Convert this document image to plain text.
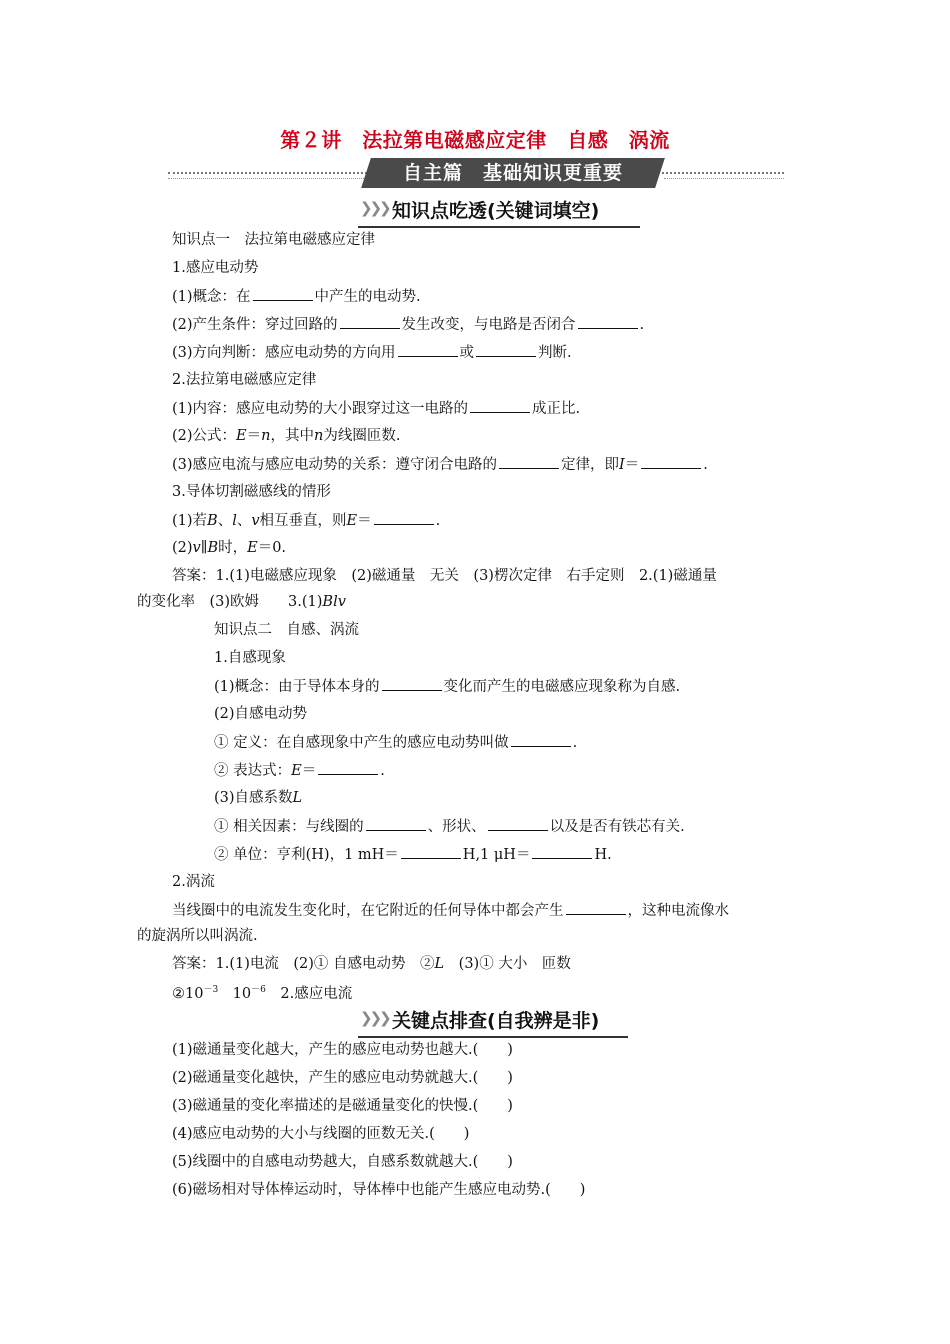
第２讲　法拉第电磁感应定律　自感　涡流
自主篇　基础知识更重要
❯❯❯ 知识点吃透(关键词填空)
知识点一　法拉第电磁感应定律
1.感应电动势
(1)概念：在	中产生的电动势.
(2)产生条件：穿过回路的	发生改变，与电路是否闭合	.
(3)方向判断：感应电动势的方向用	或	判断.
2.法拉第电磁感应定律
(1)内容：感应电动势的大小跟穿过这一电路的	成正比.
(2)公式：E＝n，其中n为线圈匝数.
(3)感应电流与感应电动势的关系：遵守闭合电路的	定律，即I＝	.
3.导体切割磁感线的情形
(1)若B、l、v相互垂直，则E＝	.
(2)v∥B时，E＝0.
答案：1.(1)电磁感应现象　(2)磁通量　无关　(3)楞次定律　右手定则　2.(1)磁通量
的变化率　(3)欧姆　　3.(1)Blv
知识点二　自感、涡流
1.自感现象
(1)概念：由于导体本身的	变化而产生的电磁感应现象称为自感.
(2)自感电动势
① 定义：在自感现象中产生的感应电动势叫做	.
② 表达式：E＝	.
(3)自感系数L
① 相关因素：与线圈的	、形状、	以及是否有铁芯有关.
② 单位：亨利(H)，1 mH＝	H,1 μH＝	H.
2.涡流
当线圈中的电流发生变化时，在它附近的任何导体中都会产生	，这种电流像水
的旋涡所以叫涡流.
答案：1.(1)电流　(2)① 自感电动势　②L　(3)① 大小　匝数
$②10^{-3}$　$10^{-6}$　2.感应电流
❯❯❯ 关键点排查(自我辨是非)
(1)磁通量变化越大，产生的感应电动势也越大.(　　)
(2)磁通量变化越快，产生的感应电动势就越大.(　　)
(3)磁通量的变化率描述的是磁通量变化的快慢.(　　)
(4)感应电动势的大小与线圈的匝数无关.(　　)
(5)线圈中的自感电动势越大，自感系数就越大.(　　)
(6)磁场相对导体棒运动时，导体棒中也能产生感应电动势.(　　)
